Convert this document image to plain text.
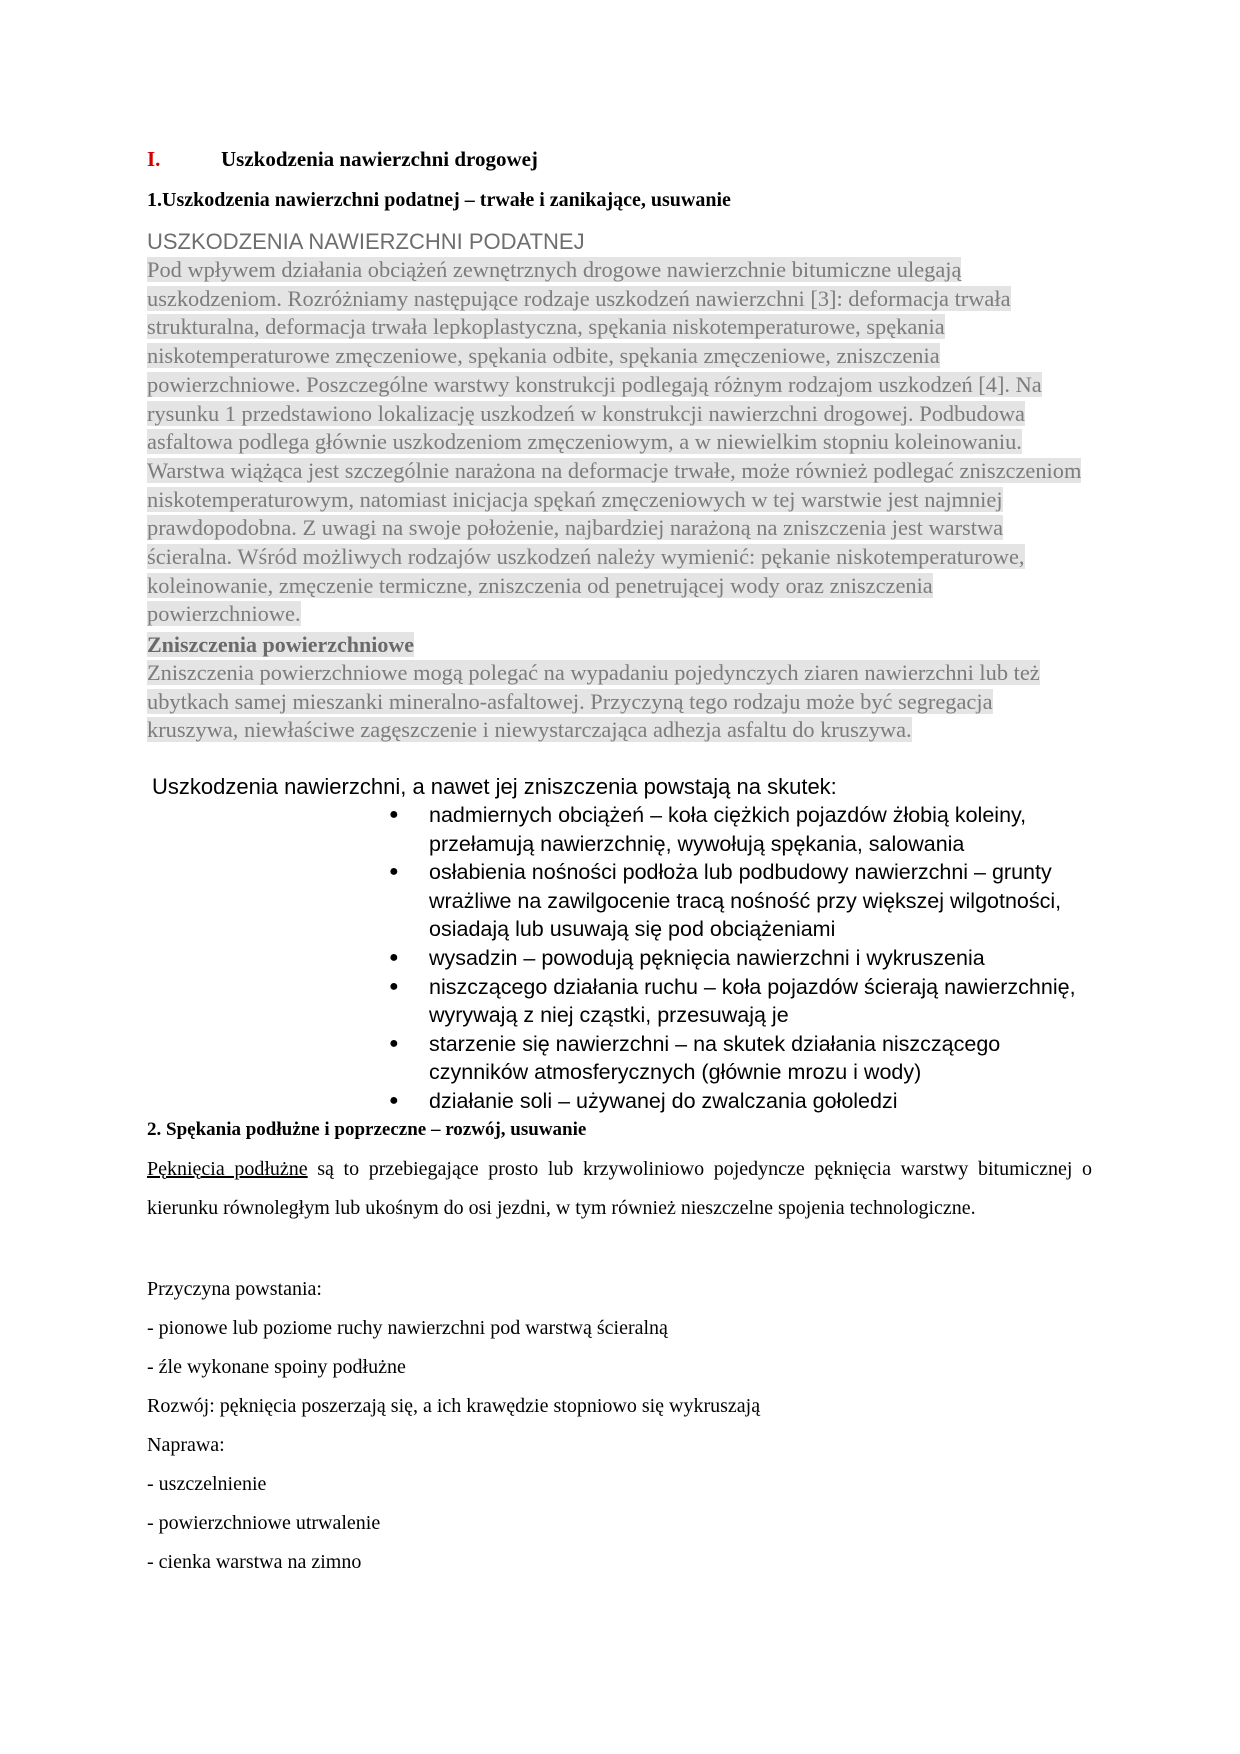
I.	Uszkodzenia nawierzchni drogowej
1.Uszkodzenia nawierzchni podatnej – trwałe i zanikające, usuwanie
USZKODZENIA NAWIERZCHNI PODATNEJ
Pod wpływem działania obciążeń zewnętrznych drogowe nawierzchnie bitumiczne ulegają uszkodzeniom. Rozróżniamy następujące rodzaje uszkodzeń nawierzchni [3]: deformacja trwała strukturalna, deformacja trwała lepkoplastyczna, spękania niskotemperaturowe, spękania niskotemperaturowe zmęczeniowe, spękania odbite, spękania zmęczeniowe, zniszczenia powierzchniowe. Poszczególne warstwy konstrukcji podlegają różnym rodzajom uszkodzeń [4]. Na rysunku 1 przedstawiono lokalizację uszkodzeń w konstrukcji nawierzchni drogowej. Podbudowa asfaltowa podlega głównie uszkodzeniom zmęczeniowym, a w niewielkim stopniu koleinowaniu. Warstwa wiążąca jest szczególnie narażona na deformacje trwałe, może również podlegać zniszczeniom niskotemperaturowym, natomiast inicjacja spękań zmęczeniowych w tej warstwie jest najmniej prawdopodobna. Z uwagi na swoje położenie, najbardziej narażoną na zniszczenia jest warstwa ścieralna. Wśród możliwych rodzajów uszkodzeń należy wymienić: pękanie niskotemperaturowe, koleinowanie, zmęczenie termiczne, zniszczenia od penetrującej wody oraz zniszczenia powierzchniowe.
Zniszczenia powierzchniowe
Zniszczenia powierzchniowe mogą polegać na wypadaniu pojedynczych ziaren nawierzchni lub też ubytkach samej mieszanki mineralno-asfaltowej. Przyczyną tego rodzaju może być segregacja kruszywa, niewłaściwe zagęszczenie i niewystarczająca adhezja asfaltu do kruszywa.
Uszkodzenia nawierzchni, a nawet jej zniszczenia powstają na skutek:
● nadmiernych obciążeń – koła ciężkich pojazdów żłobią koleiny, przełamują nawierzchnię, wywołują spękania, salowania
● osłabienia nośności podłoża lub podbudowy nawierzchni – grunty wrażliwe na zawilgocenie tracą nośność przy większej wilgotności, osiadają lub usuwają się pod obciążeniami
● wysadzin – powodują pęknięcia nawierzchni i wykruszenia
● niszczącego działania ruchu – koła pojazdów ścierają nawierzchnię, wyrywają z niej cząstki, przesuwają je
● starzenie się nawierzchni – na skutek działania niszczącego czynników atmosferycznych (głównie mrozu i wody)
● działanie soli – używanej do zwalczania gołoledzi
2. Spękania podłużne i poprzeczne – rozwój, usuwanie
Pęknięcia podłużne są to przebiegające prosto lub krzywoliniowo pojedyncze pęknięcia warstwy bitumicznej o kierunku równoległym lub ukośnym do osi jezdni, w tym również nieszczelne spojenia technologiczne.
Przyczyna powstania:
- pionowe lub poziome ruchy nawierzchni pod warstwą ścieralną
- źle wykonane spoiny podłużne
Rozwój: pęknięcia poszerzają się, a ich krawędzie stopniowo się wykruszają
Naprawa:
- uszczelnienie
- powierzchniowe utrwalenie
- cienka warstwa na zimno
